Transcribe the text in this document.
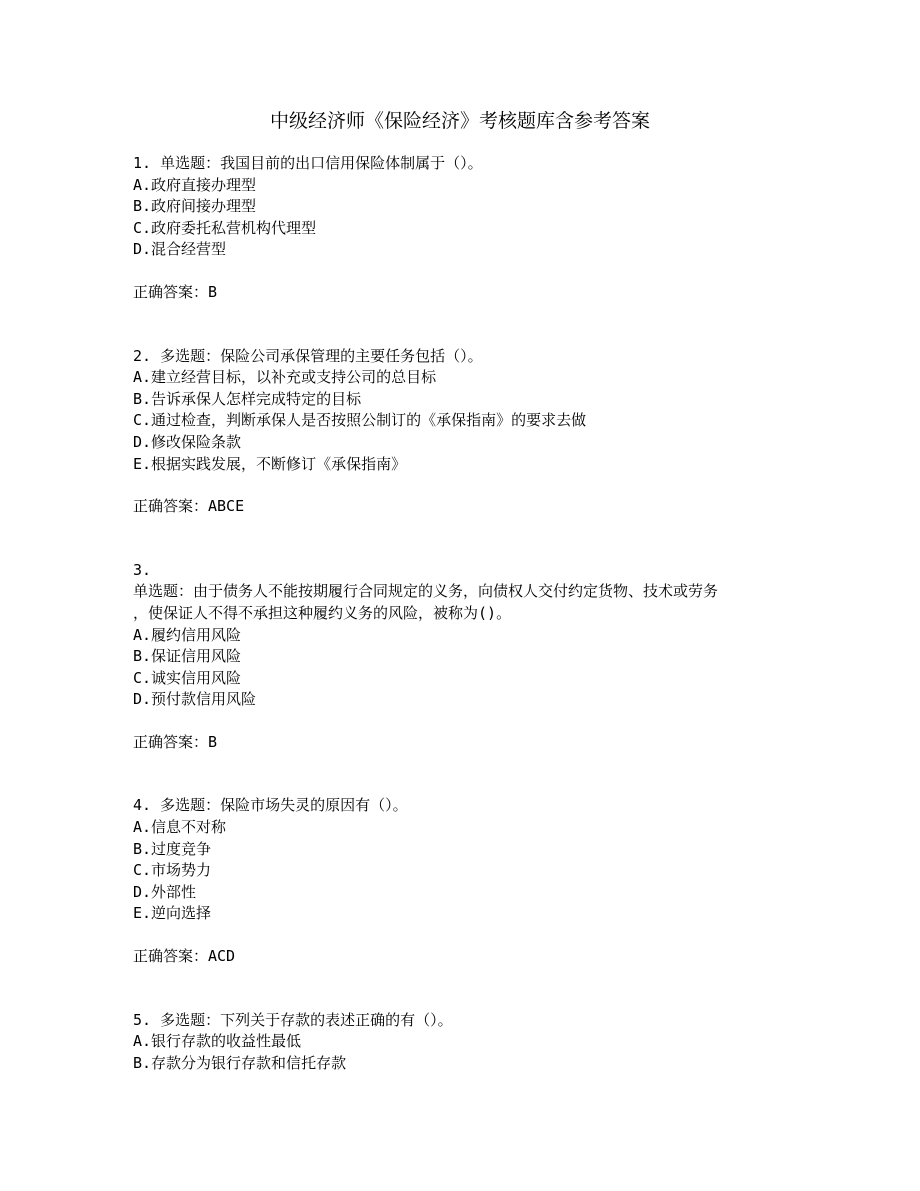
中级经济师《保险经济》考核题库含参考答案
1. 单选题：我国目前的出口信用保险体制属于（）。
A.政府直接办理型
B.政府间接办理型
C.政府委托私营机构代理型
D.混合经营型
正确答案：B
2. 多选题：保险公司承保管理的主要任务包括（）。
A.建立经营目标，以补充或支持公司的总目标
B.告诉承保人怎样完成特定的目标
C.通过检查，判断承保人是否按照公制订的《承保指南》的要求去做
D.修改保险条款
E.根据实践发展，不断修订《承保指南》
正确答案：ABCE
3.
单选题：由于债务人不能按期履行合同规定的义务，向债权人交付约定货物、技术或劳务
，使保证人不得不承担这种履约义务的风险，被称为()。
A.履约信用风险
B.保证信用风险
C.诚实信用风险
D.预付款信用风险
正确答案：B
4. 多选题：保险市场失灵的原因有（）。
A.信息不对称
B.过度竞争
C.市场势力
D.外部性
E.逆向选择
正确答案：ACD
5. 多选题：下列关于存款的表述正确的有（）。
A.银行存款的收益性最低
B.存款分为银行存款和信托存款
